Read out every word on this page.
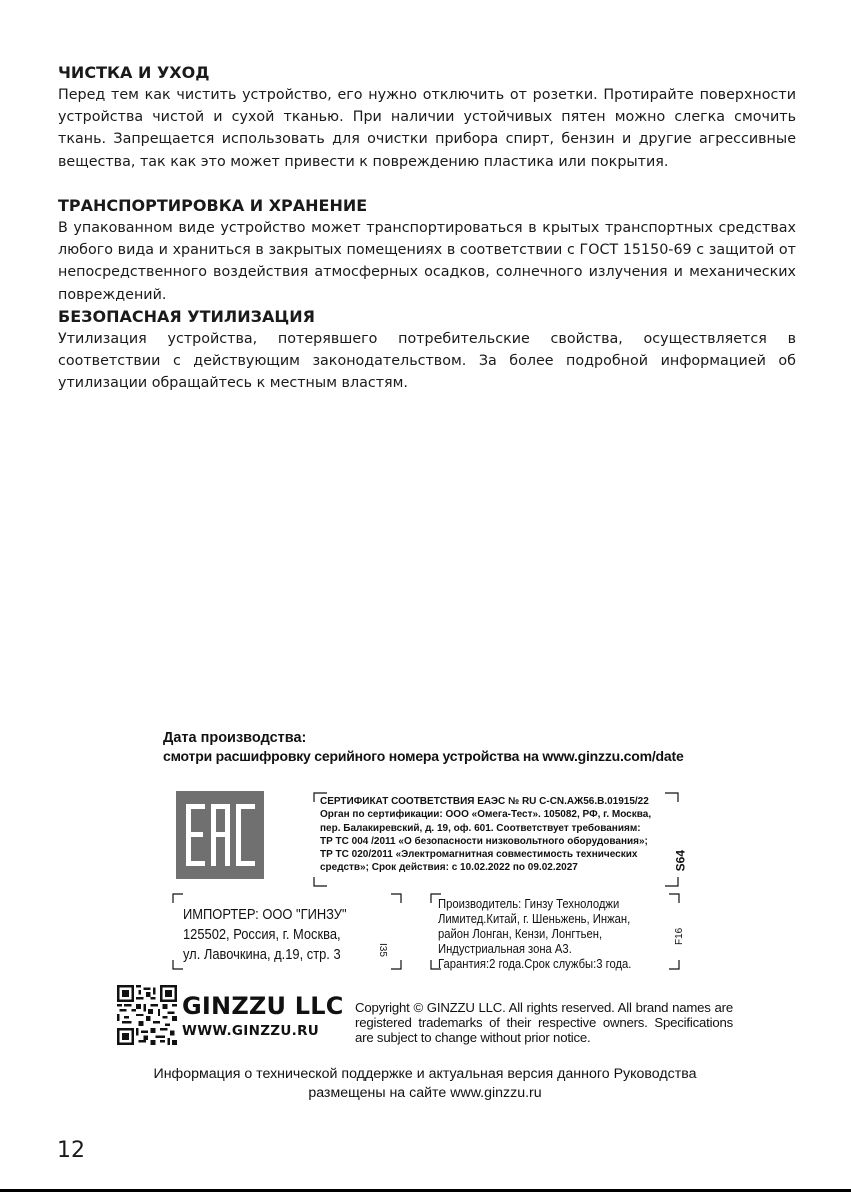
ЧИСТКА И УХОД

Перед тем как чистить устройство, его нужно отключить от розетки. Протирайте поверхности устройства чистой и сухой тканью. При наличии устойчивых пятен можно слегка смочить ткань. Запрещается использовать для очистки прибора спирт, бензин и другие агрессивные вещества, так как это может привести к повреждению пластика или покрытия.

ТРАНСПОРТИРОВКА И ХРАНЕНИЕ

В упакованном виде устройство может транспортироваться в крытых транспортных средствах любого вида и храниться в закрытых помещениях в соответствии с ГОСТ 15150-69 с защитой от непосредственного воздействия атмосферных осадков, солнечного излучения и механических повреждений.

БЕЗОПАСНАЯ УТИЛИЗАЦИЯ

Утилизация устройства, потерявшего потребительские свойства, осуществляется в соответствии с действующим законодательством. За более подробной информацией об утилизации обращайтесь к местным властям.

Дата производства:
смотри расшифровку серийного номера устройства на www.ginzzu.com/date
СЕРТИФИКАТ СООТВЕТСТВИЯ ЕАЭС № RU С-CN.АЖ56.В.01915/22
Орган по сертификации: ООО «Омега-Тест». 105082, РФ, г. Москва,
пер. Балакиревский, д. 19, оф. 601. Соответствует требованиям:
ТР ТС 004 /2011 «О безопасности низковольтного оборудования»;
ТР ТС 020/2011 «Электромагнитная совместимость технических
средств»; Срок действия: с 10.02.2022 по 09.02.2027	S64
ИМПОРТЕР: ООО "ГИНЗУ"
125502, Россия, г. Москва,
ул. Лавочкина, д.19, стр. 3	I35
Производитель: Гинзу Технолоджи
Лимитед.Китай, г. Шеньжень, Инжан,
район Лонган, Кензи, Лонгтьен,
Индустриальная зона А3.
Гарантия:2 года.Срок службы:3 года.
F16
GINZZU LLC
WWW.GINZZU.RU
Copyright © GINZZU LLC. All rights reserved. All brand names are registered trademarks of their respective owners. Specifications are subject to change without prior notice.
Информация о технической поддержке и актуальная версия данного Руководства
размещены на сайте www.ginzzu.ru
12
